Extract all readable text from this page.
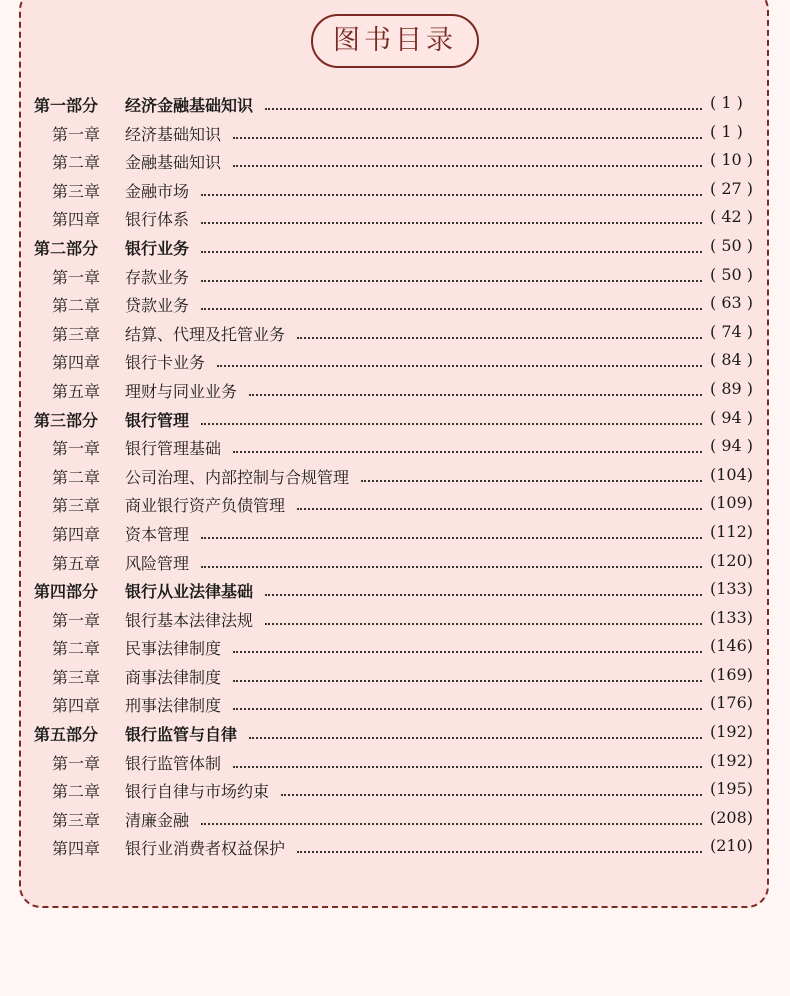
图书目录
第一部分 经济金融基础知识	( 1 )
第一章 经济基础知识	( 1 )
第二章 金融基础知识	( 10 )
第三章 金融市场	( 27 )
第四章 银行体系	( 42 )
第二部分 银行业务	( 50 )
第一章 存款业务	( 50 )
第二章 贷款业务	( 63 )
第三章 结算、代理及托管业务	( 74 )
第四章 银行卡业务	( 84 )
第五章 理财与同业业务	( 89 )
第三部分 银行管理	( 94 )
第一章 银行管理基础	( 94 )
第二章 公司治理、内部控制与合规管理	(104)
第三章 商业银行资产负债管理	(109)
第四章 资本管理	(112)
第五章 风险管理	(120)
第四部分 银行从业法律基础	(133)
第一章 银行基本法律法规	(133)
第二章 民事法律制度	(146)
第三章 商事法律制度	(169)
第四章 刑事法律制度	(176)
第五部分 银行监管与自律	(192)
第一章 银行监管体制	(192)
第二章 银行自律与市场约束	(195)
第三章 清廉金融	(208)
第四章 银行业消费者权益保护	(210)
